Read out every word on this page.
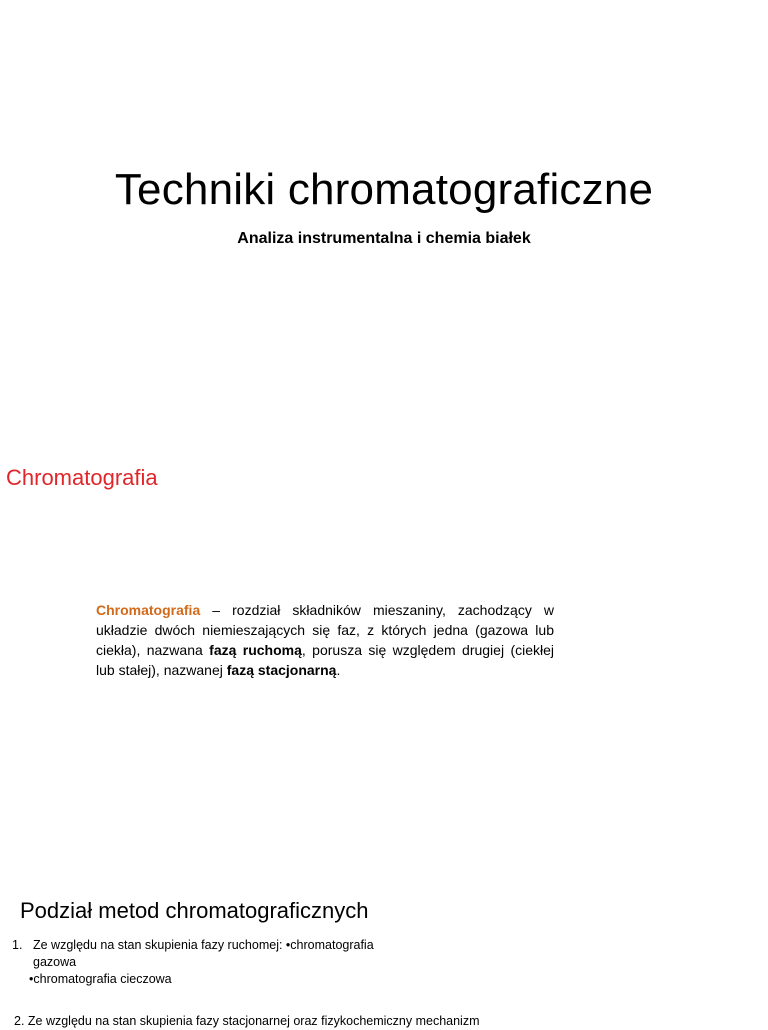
Techniki chromatograficzne
Analiza instrumentalna i chemia białek
Chromatografia

Chromatografia – rozdział składników mieszaniny, zachodzący w układzie dwóch niemieszających się faz, z których jedna (gazowa lub ciekła), nazwana fazą ruchomą, porusza się względem drugiej (ciekłej lub stałej), nazwanej fazą stacjonarną.

Podział metod chromatograficznych
1. Ze względu na stan skupienia fazy ruchomej: •chromatografia
gazowa
•chromatografia cieczowa
2. Ze względu na stan skupienia fazy stacjonarnej oraz fizykochemiczny mechanizm
